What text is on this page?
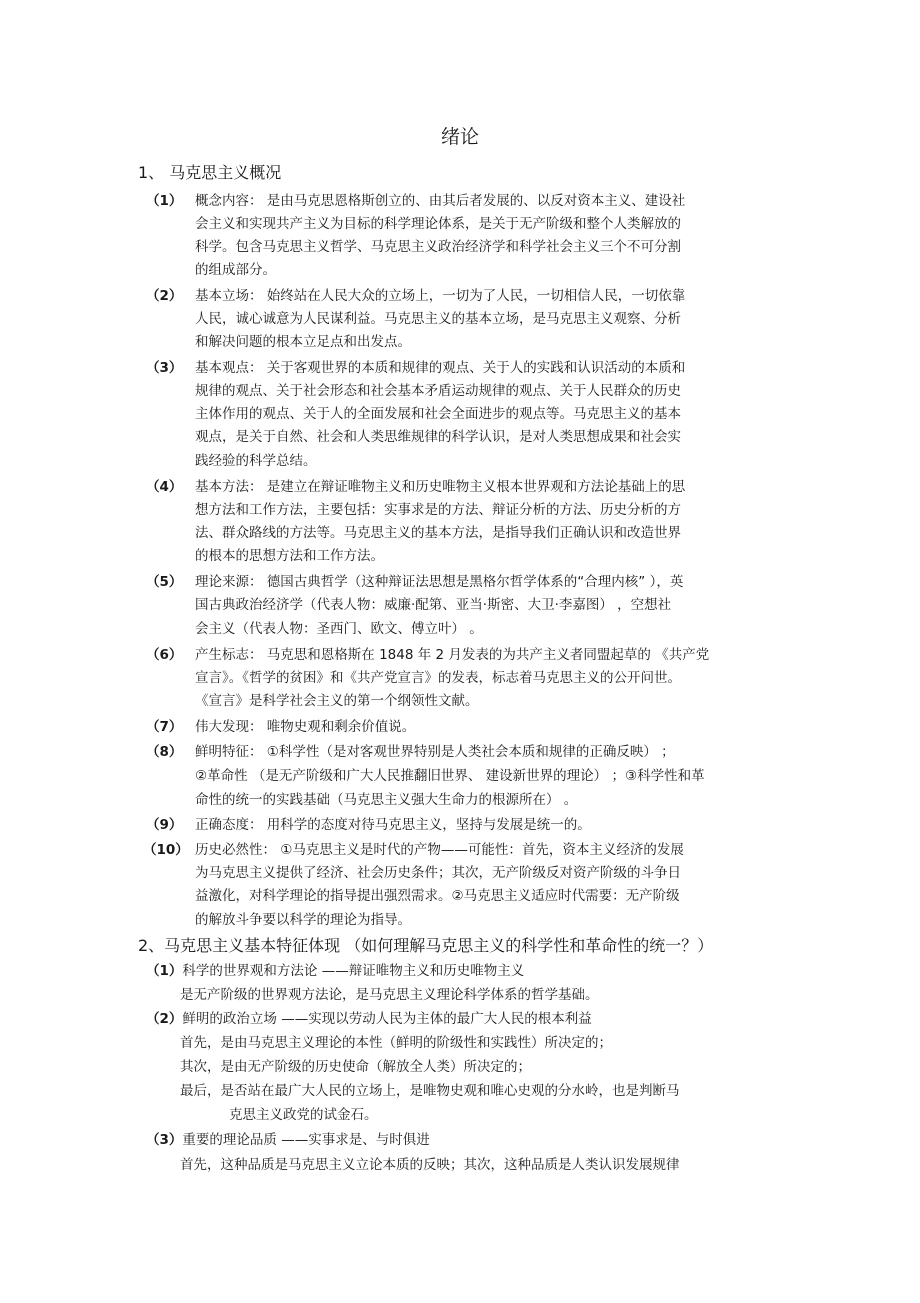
绪论
1、 马克思主义概况
（1） 概念内容： 是由马克思恩格斯创立的、由其后者发展的、以反对资本主义、建设社
会主义和实现共产主义为目标的科学理论体系，是关于无产阶级和整个人类解放的
科学。包含马克思主义哲学、马克思主义政治经济学和科学社会主义三个不可分割
的组成部分。
（2） 基本立场： 始终站在人民大众的立场上，一切为了人民，一切相信人民，一切依靠
人民，诚心诚意为人民谋利益。马克思主义的基本立场，是马克思主义观察、分析
和解决问题的根本立足点和出发点。
（3） 基本观点： 关于客观世界的本质和规律的观点、关于人的实践和认识活动的本质和
规律的观点、关于社会形态和社会基本矛盾运动规律的观点、关于人民群众的历史
主体作用的观点、关于人的全面发展和社会全面进步的观点等。马克思主义的基本
观点，是关于自然、社会和人类思维规律的科学认识，是对人类思想成果和社会实
践经验的科学总结。
（4） 基本方法： 是建立在辩证唯物主义和历史唯物主义根本世界观和方法论基础上的思
想方法和工作方法，主要包括：实事求是的方法、辩证分析的方法、历史分析的方
法、群众路线的方法等。马克思主义的基本方法，是指导我们正确认识和改造世界
的根本的思想方法和工作方法。
（5） 理论来源： 德国古典哲学（这种辩证法思想是黑格尔哲学体系的“合理内核” ），英
国古典政治经济学（代表人物：威廉·配第、亚当·斯密、大卫·李嘉图） ，空想社
会主义（代表人物：圣西门、欧文、傅立叶） 。
（6） 产生标志： 马克思和恩格斯在 1848 年 2 月发表的为共产主义者同盟起草的 《共产党
宣言》。《哲学的贫困》和《共产党宣言》的发表，标志着马克思主义的公开问世。
《宣言》是科学社会主义的第一个纲领性文献。
（7） 伟大发现： 唯物史观和剩余价值说。
（8） 鲜明特征： ①科学性（是对客观世界特别是人类社会本质和规律的正确反映） ；
②革命性 （是无产阶级和广大人民推翻旧世界、 建设新世界的理论） ；③科学性和革
命性的统一的实践基础（马克思主义强大生命力的根源所在） 。
（9） 正确态度： 用科学的态度对待马克思主义，坚持与发展是统一的。
（10） 历史必然性： ①马克思主义是时代的产物——可能性：首先，资本主义经济的发展
为马克思主义提供了经济、社会历史条件；其次，无产阶级反对资产阶级的斗争日
益激化，对科学理论的指导提出强烈需求。②马克思主义适应时代需要：无产阶级
的解放斗争要以科学的理论为指导。
2、马克思主义基本特征体现 （如何理解马克思主义的科学性和革命性的统一？）
（1）科学的世界观和方法论 ——辩证唯物主义和历史唯物主义
是无产阶级的世界观方法论，是马克思主义理论科学体系的哲学基础。
（2）鲜明的政治立场 ——实现以劳动人民为主体的最广大人民的根本利益
首先，是由马克思主义理论的本性（鲜明的阶级性和实践性）所决定的；
其次，是由无产阶级的历史使命（解放全人类）所决定的；
最后，是否站在最广大人民的立场上，是唯物史观和唯心史观的分水岭，也是判断马
克思主义政党的试金石。
（3）重要的理论品质 ——实事求是、与时俱进
首先，这种品质是马克思主义立论本质的反映；其次，这种品质是人类认识发展规律
